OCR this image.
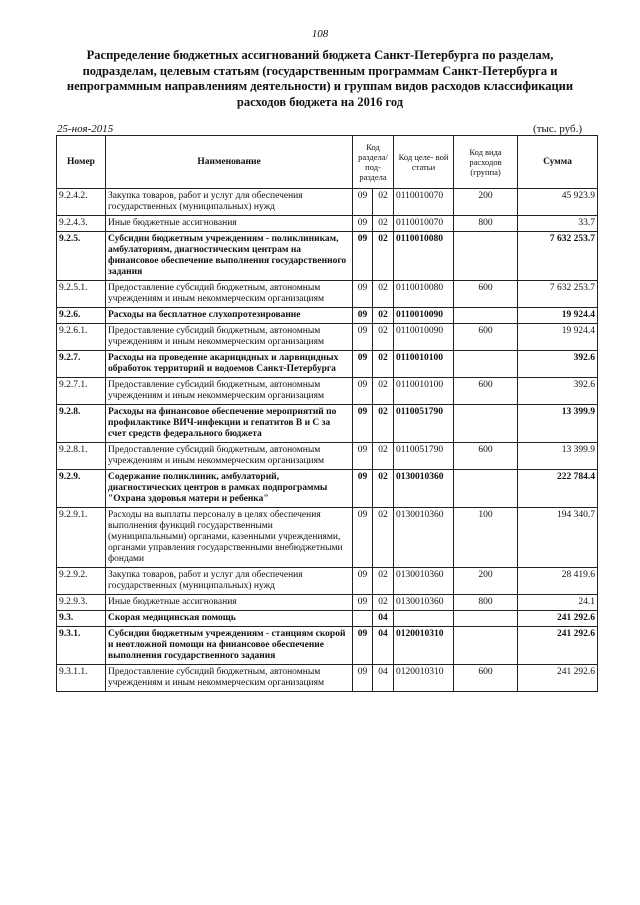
108
Распределение бюджетных ассигнований бюджета Санкт-Петербурга по разделам, подразделам, целевым статьям (государственным программам Санкт-Петербурга и непрограммным направлениям деятельности) и группам видов расходов классификации расходов бюджета на 2016 год
25-ноя-2015	(тыс. руб.)
Номер	Наименование	Код раздела/ под- раздела		Код целе- вой статьи	Код вида расходов (группа)	Сумма
9.2.4.2.	Закупка товаров, работ и услуг для обеспечения государственных (муниципальных) нужд	09	02	0110010070	200	45 923.9
9.2.4.3.	Иные бюджетные ассигнования	09	02	0110010070	800	33.7
9.2.5.	Субсидии бюджетным учреждениям - поликлиникам, амбулаториям, диагностическим центрам на финансовое обеспечение выполнения государственного задания	09	02	0110010080		7 632 253.7
9.2.5.1.	Предоставление субсидий бюджетным, автономным учреждениям и иным некоммерческим организациям	09	02	0110010080	600	7 632 253.7
9.2.6.	Расходы на бесплатное слухопротезирование	09	02	0110010090		19 924.4
9.2.6.1.	Предоставление субсидий бюджетным, автономным учреждениям и иным некоммерческим организациям	09	02	0110010090	600	19 924.4
9.2.7.	Расходы на проведение акарицидных и ларвицидных обработок территорий и водоемов Санкт-Петербурга	09	02	0110010100		392.6
9.2.7.1.	Предоставление субсидий бюджетным, автономным учреждениям и иным некоммерческим организациям	09	02	0110010100	600	392.6
9.2.8.	Расходы на финансовое обеспечение мероприятий по профилактике ВИЧ-инфекции и гепатитов В и С за счет средств федерального бюджета	09	02	0110051790		13 399.9
9.2.8.1.	Предоставление субсидий бюджетным, автономным учреждениям и иным некоммерческим организациям	09	02	0110051790	600	13 399.9
9.2.9.	Содержание поликлиник, амбулаторий, диагностических центров в рамках подпрограммы "Охрана здоровья матери и ребенка"	09	02	0130010360		222 784.4
9.2.9.1.	Расходы на выплаты персоналу в целях обеспечения выполнения функций государственными (муниципальными) органами, казенными учреждениями, органами управления государственными внебюджетными фондами	09	02	0130010360	100	194 340.7
9.2.9.2.	Закупка товаров, работ и услуг для обеспечения государственных (муниципальных) нужд	09	02	0130010360	200	28 419.6
9.2.9.3.	Иные бюджетные ассигнования	09	02	0130010360	800	24.1
9.3.	Скорая медицинская помощь		04			241 292.6
9.3.1.	Субсидии бюджетным учреждениям - станциям скорой и неотложной помощи на финансовое обеспечение выполнения государственного задания	09	04	0120010310		241 292.6
9.3.1.1.	Предоставление субсидий бюджетным, автономным учреждениям и иным некоммерческим организациям	09	04	0120010310	600	241 292.6
